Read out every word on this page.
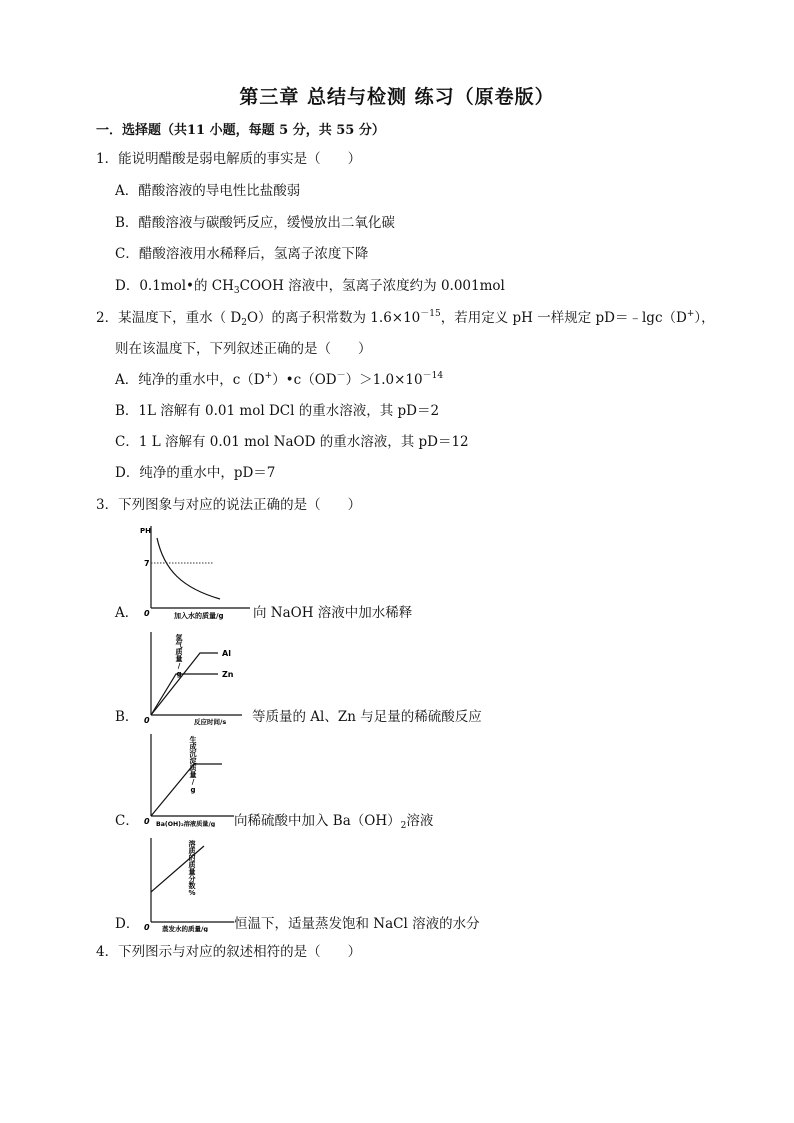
第三章 总结与检测 练习（原卷版）
一．选择题（共11 小题，每题 5 分，共 55 分）
1．能说明醋酸是弱电解质的事实是（　　）
A．醋酸溶液的导电性比盐酸弱
B．醋酸溶液与碳酸钙反应，缓慢放出二氧化碳
C．醋酸溶液用水稀释后，氢离子浓度下降
D．0.1mol•的 $CH_3COOH$ 溶液中，氢离子浓度约为 0.001mol
2．某温度下，重水（ $D_2O$）的离子积常数为 $1.6\times 10^{-15}$，若用定义 pH 一样规定 pD＝﹣lgc（D+），
则在该温度下，下列叙述正确的是（　　）
A．纯净的重水中，$c(D^+)•c(OD^-)>1.0\times 10^{-14}$
B．1L 溶解有 0.01 mol DCl 的重水溶液，其 pD＝2
C．1 L 溶解有 0.01 mol NaOD 的重水溶液，其 pD＝12
D．纯净的重水中，pD＝7
3．下列图象与对应的说法正确的是（　　）
PH
7
0	加入水的质量/g
A．	向 NaOH 溶液中加水稀释
氢气质量/g
Al
Zn
0	反应时间/s
B．	等质量的 Al、Zn 与足量的稀硫酸反应
生成沉淀质量/g
0 Ba(OH)₂溶液质量/g
C．	向稀硫酸中加入 $Ba(OH)_2$溶液
溶质的质量分数%
0 蒸发水的质量/g
D．	恒温下，适量蒸发饱和 NaCl 溶液的水分
4．下列图示与对应的叙述相符的是（　　）
